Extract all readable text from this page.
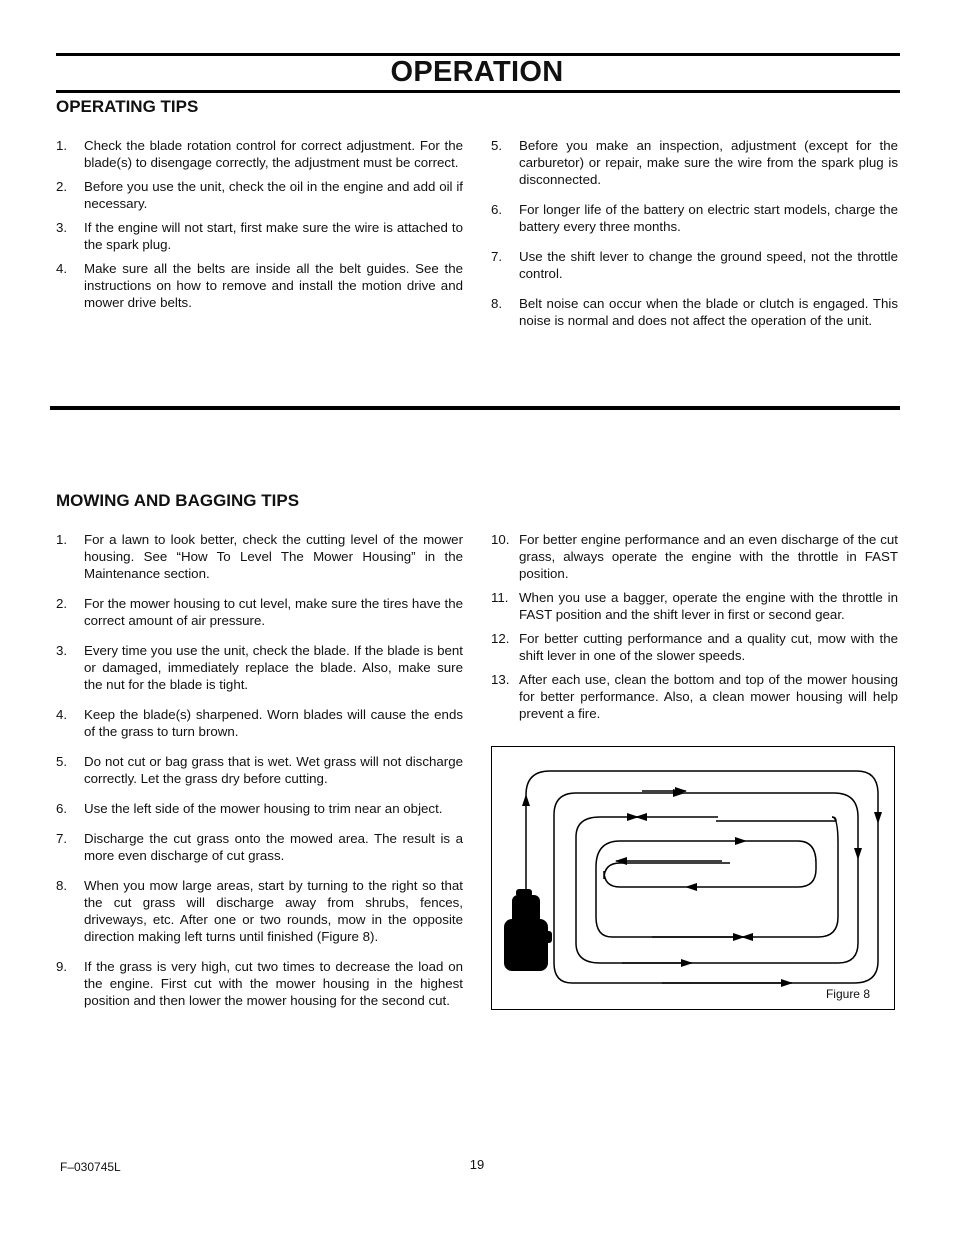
OPERATION
OPERATING TIPS
1. Check the blade rotation control for correct adjustment. For the blade(s) to disengage correctly, the adjustment must be correct.
2. Before you use the unit, check the oil in the engine and add oil if necessary.
3. If the engine will not start, first make sure the wire is attached to the spark plug.
4. Make sure all the belts are inside all the belt guides. See the instructions on how to remove and install the motion drive and mower drive belts.
5. Before you make an inspection, adjustment (except for the carburetor) or repair, make sure the wire from the spark plug is disconnected.
6. For longer life of the battery on electric start models, charge the battery every three months.
7. Use the shift lever to change the ground speed, not the throttle control.
8. Belt noise can occur when the blade or clutch is engaged. This noise is normal and does not affect the operation of the unit.
MOWING AND BAGGING TIPS
1. For a lawn to look better, check the cutting level of the mower housing. See “How To Level The Mower Housing” in the Maintenance section.
2. For the mower housing to cut level, make sure the tires have the correct amount of air pressure.
3. Every time you use the unit, check the blade. If the blade is bent or damaged, immediately replace the blade. Also, make sure the nut for the blade is tight.
4. Keep the blade(s) sharpened. Worn blades will cause the ends of the grass to turn brown.
5. Do not cut or bag grass that is wet. Wet grass will not discharge correctly. Let the grass dry before cutting.
6. Use the left side of the mower housing to trim near an object.
7. Discharge the cut grass onto the mowed area. The result is a more even discharge of cut grass.
8. When you mow large areas, start by turning to the right so that the cut grass will discharge away from shrubs, fences, driveways, etc. After one or two rounds, mow in the opposite direction making left turns until finished (Figure 8).
9. If the grass is very high, cut two times to decrease the load on the engine. First cut with the mower housing in the highest position and then lower the mower housing for the second cut.
10. For better engine performance and an even discharge of the cut grass, always operate the engine with the throttle in FAST position.
11. When you use a bagger, operate the engine with the throttle in FAST position and the shift lever in first or second gear.
12. For better cutting performance and a quality cut, mow with the shift lever in one of the slower speeds.
13. After each use, clean the bottom and top of the mower housing for better performance. Also, a clean mower housing will help prevent a fire.
Figure 8
F–030745L	19
